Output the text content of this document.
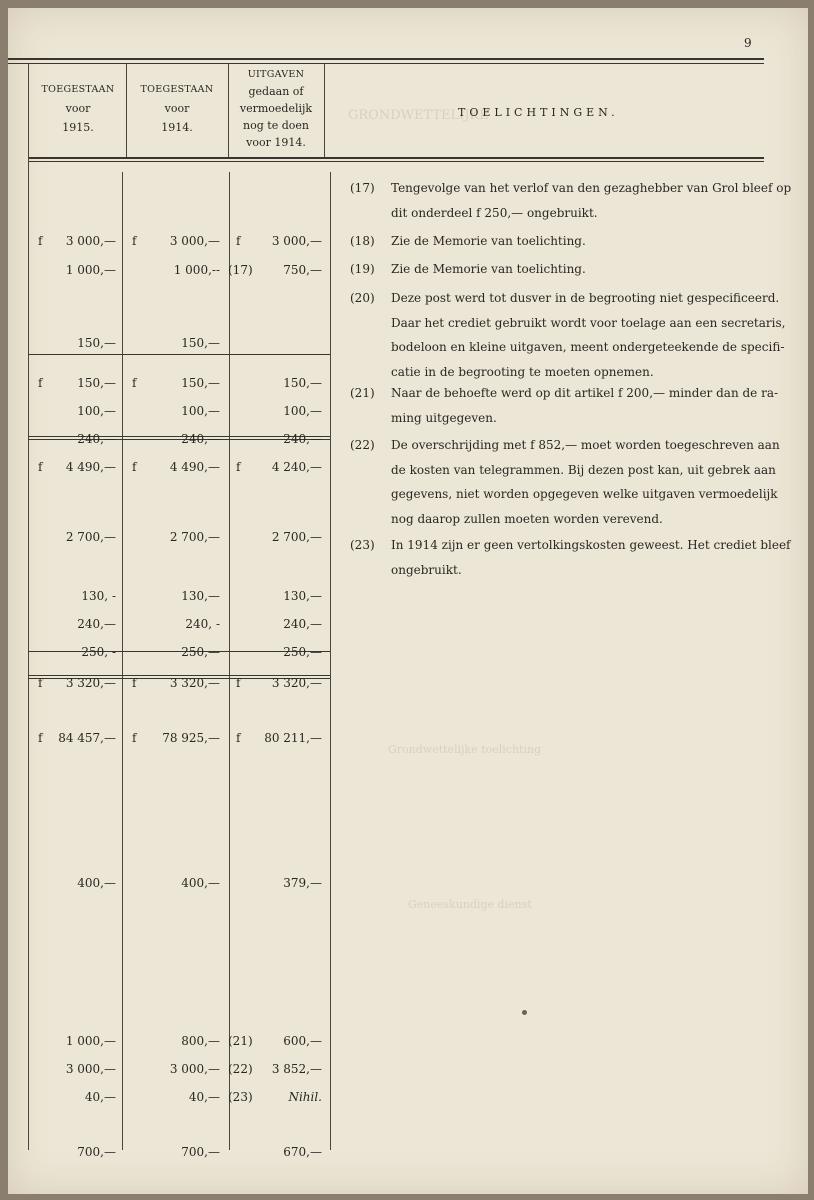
9
TOEGESTAAN
voor
1915.
TOEGESTAAN
voor
1914.
UITGAVEN
gedaan of
vermoedelijk
nog te doen
voor 1914.
TOELICHTINGEN.
f 3 000,— f	3 000,— f	3 000,—
1 000,—	1 000,-- (17)	750,—
150,—	150,—
f	150,— f	150,—	150,—
100,—	100,—	100,—
240,—	240,—	240,—
f 4 490,— f	4 490,— f	4 240,—
2 700,—	2 700,—	2 700,—
130, -	130,—	130,—
240,—	240, -	240,—
250, -	250,—	250,—
f 3 320,— f	3 320,— f	3 320,—
f 84 457,— f 78 925,— f 80 211,—
400,—	400,—	379,—
1 000,—	800,— (21)	600,—
3 000,—	3 000,— (22) 3 852,—
40,—	40,— (23)	Nihil.
700,—	700,—	670,—
(17) Tengevolge van het verlof van den gezaghebber van Grol bleef op
dit onderdeel f 250,— ongebruikt.
(18) Zie de Memorie van toelichting.
(19) Zie de Memorie van toelichting.
(20) Deze post werd tot dusver in de begrooting niet gespecificeerd.
Daar het crediet gebruikt wordt voor toelage aan een secretaris,
bodeloon en kleine uitgaven, meent ondergeteekende de specifi-
catie in de begrooting te moeten opnemen.
(21) Naar de behoefte werd op dit artikel f 200,— minder dan de ra-
ming uitgegeven.
(22) De overschrijding met f 852,— moet worden toegeschreven aan
de kosten van telegrammen. Bij dezen post kan, uit gebrek aan
gegevens, niet worden opgegeven welke uitgaven vermoedelijk
nog daarop zullen moeten worden verevend.
(23) In 1914 zijn er geen vertolkingskosten geweest. Het crediet bleef
ongebruikt.
GRONDWETTELIJKE
Grondwettelijke toelichting
Geneeskundige dienst
